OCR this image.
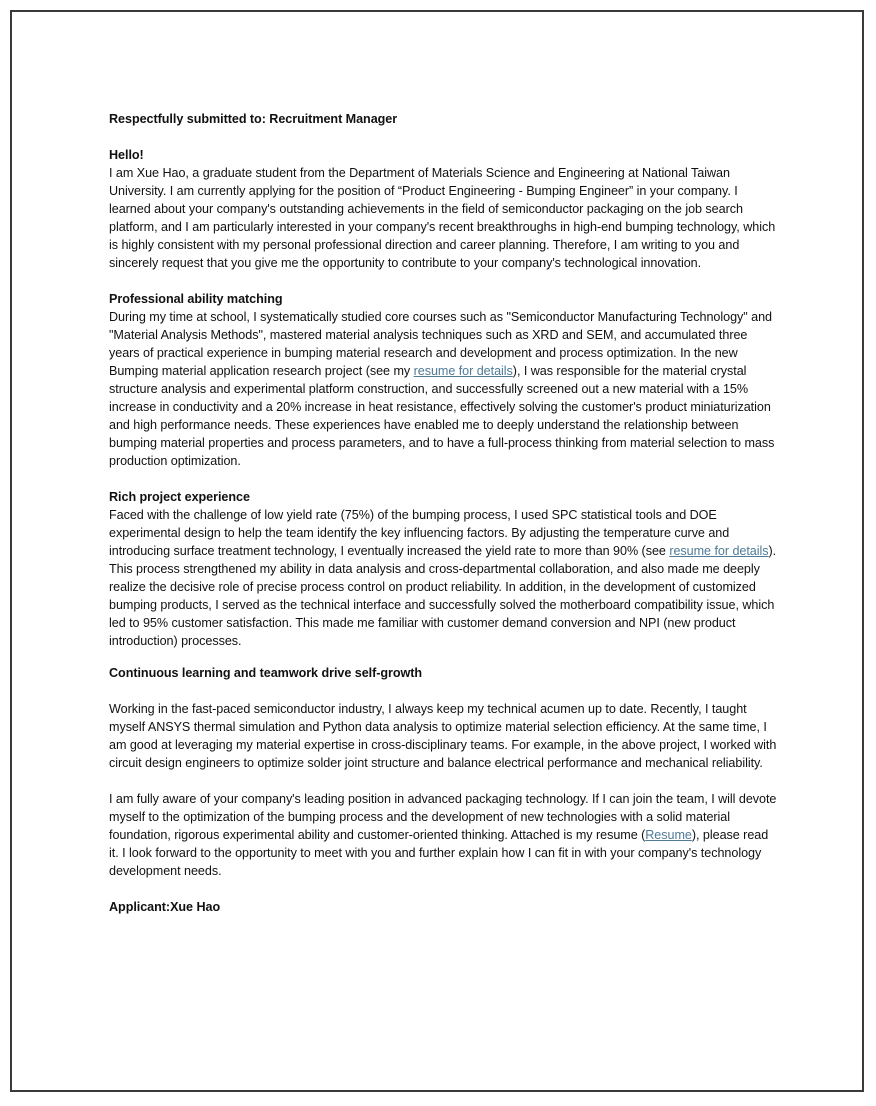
Respectfully submitted to: Recruitment Manager

Hello!

I am Xue Hao, a graduate student from the Department of Materials Science and Engineering at National Taiwan University. I am currently applying for the position of “Product Engineering - Bumping Engineer” in your company. I learned about your company's outstanding achievements in the field of semiconductor packaging on the job search platform, and I am particularly interested in your company's recent breakthroughs in high-end bumping technology, which is highly consistent with my personal professional direction and career planning. Therefore, I am writing to you and sincerely request that you give me the opportunity to contribute to your company's technological innovation.

Professional ability matching

During my time at school, I systematically studied core courses such as "Semiconductor Manufacturing Technology" and "Material Analysis Methods", mastered material analysis techniques such as XRD and SEM, and accumulated three years of practical experience in bumping material research and development and process optimization. In the new Bumping material application research project (see my resume for details), I was responsible for the material crystal structure analysis and experimental platform construction, and successfully screened out a new material with a 15% increase in conductivity and a 20% increase in heat resistance, effectively solving the customer's product miniaturization and high performance needs. These experiences have enabled me to deeply understand the relationship between bumping material properties and process parameters, and to have a full-process thinking from material selection to mass production optimization.

Rich project experience

Faced with the challenge of low yield rate (75%) of the bumping process, I used SPC statistical tools and DOE experimental design to help the team identify the key influencing factors. By adjusting the temperature curve and introducing surface treatment technology, I eventually increased the yield rate to more than 90% (see resume for details). This process strengthened my ability in data analysis and cross-departmental collaboration, and also made me deeply realize the decisive role of precise process control on product reliability. In addition, in the development of customized bumping products, I served as the technical interface and successfully solved the motherboard compatibility issue, which led to 95% customer satisfaction. This made me familiar with customer demand conversion and NPI (new product introduction) processes.

Continuous learning and teamwork drive self-growth

Working in the fast-paced semiconductor industry, I always keep my technical acumen up to date. Recently, I taught myself ANSYS thermal simulation and Python data analysis to optimize material selection efficiency. At the same time, I am good at leveraging my material expertise in cross-disciplinary teams. For example, in the above project, I worked with circuit design engineers to optimize solder joint structure and balance electrical performance and mechanical reliability.

I am fully aware of your company's leading position in advanced packaging technology. If I can join the team, I will devote myself to the optimization of the bumping process and the development of new technologies with a solid material foundation, rigorous experimental ability and customer-oriented thinking. Attached is my resume (Resume), please read it. I look forward to the opportunity to meet with you and further explain how I can fit in with your company's technology development needs.

Applicant:Xue Hao
